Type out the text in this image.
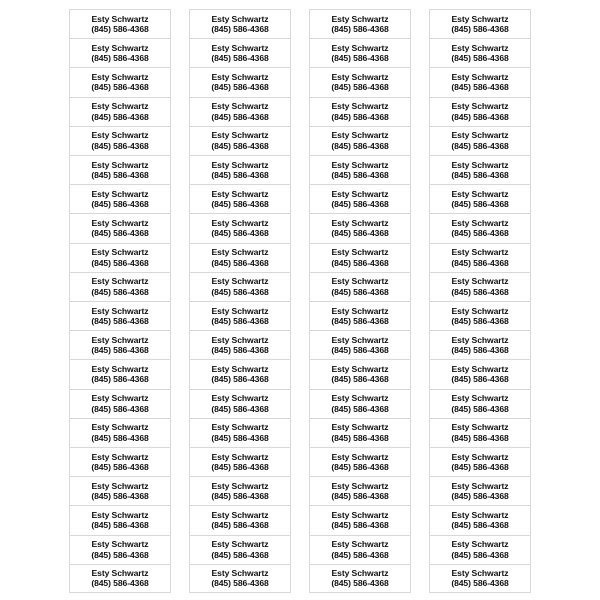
Esty Schwartz
(845) 586-4368
Esty Schwartz
(845) 586-4368
Esty Schwartz
(845) 586-4368
Esty Schwartz
(845) 586-4368
Esty Schwartz
(845) 586-4368
Esty Schwartz
(845) 586-4368
Esty Schwartz
(845) 586-4368
Esty Schwartz
(845) 586-4368
Esty Schwartz
(845) 586-4368
Esty Schwartz
(845) 586-4368
Esty Schwartz
(845) 586-4368
Esty Schwartz
(845) 586-4368
Esty Schwartz
(845) 586-4368
Esty Schwartz
(845) 586-4368
Esty Schwartz
(845) 586-4368
Esty Schwartz
(845) 586-4368
Esty Schwartz
(845) 586-4368
Esty Schwartz
(845) 586-4368
Esty Schwartz
(845) 586-4368
Esty Schwartz
(845) 586-4368
Esty Schwartz
(845) 586-4368
Esty Schwartz
(845) 586-4368
Esty Schwartz
(845) 586-4368
Esty Schwartz
(845) 586-4368
Esty Schwartz
(845) 586-4368
Esty Schwartz
(845) 586-4368
Esty Schwartz
(845) 586-4368
Esty Schwartz
(845) 586-4368
Esty Schwartz
(845) 586-4368
Esty Schwartz
(845) 586-4368
Esty Schwartz
(845) 586-4368
Esty Schwartz
(845) 586-4368
Esty Schwartz
(845) 586-4368
Esty Schwartz
(845) 586-4368
Esty Schwartz
(845) 586-4368
Esty Schwartz
(845) 586-4368
Esty Schwartz
(845) 586-4368
Esty Schwartz
(845) 586-4368
Esty Schwartz
(845) 586-4368
Esty Schwartz
(845) 586-4368
Esty Schwartz
(845) 586-4368
Esty Schwartz
(845) 586-4368
Esty Schwartz
(845) 586-4368
Esty Schwartz
(845) 586-4368
Esty Schwartz
(845) 586-4368
Esty Schwartz
(845) 586-4368
Esty Schwartz
(845) 586-4368
Esty Schwartz
(845) 586-4368
Esty Schwartz
(845) 586-4368
Esty Schwartz
(845) 586-4368
Esty Schwartz
(845) 586-4368
Esty Schwartz
(845) 586-4368
Esty Schwartz
(845) 586-4368
Esty Schwartz
(845) 586-4368
Esty Schwartz
(845) 586-4368
Esty Schwartz
(845) 586-4368
Esty Schwartz
(845) 586-4368
Esty Schwartz
(845) 586-4368
Esty Schwartz
(845) 586-4368
Esty Schwartz
(845) 586-4368
Esty Schwartz
(845) 586-4368
Esty Schwartz
(845) 586-4368
Esty Schwartz
(845) 586-4368
Esty Schwartz
(845) 586-4368
Esty Schwartz
(845) 586-4368
Esty Schwartz
(845) 586-4368
Esty Schwartz
(845) 586-4368
Esty Schwartz
(845) 586-4368
Esty Schwartz
(845) 586-4368
Esty Schwartz
(845) 586-4368
Esty Schwartz
(845) 586-4368
Esty Schwartz
(845) 586-4368
Esty Schwartz
(845) 586-4368
Esty Schwartz
(845) 586-4368
Esty Schwartz
(845) 586-4368
Esty Schwartz
(845) 586-4368
Esty Schwartz
(845) 586-4368
Esty Schwartz
(845) 586-4368
Esty Schwartz
(845) 586-4368
Esty Schwartz
(845) 586-4368
